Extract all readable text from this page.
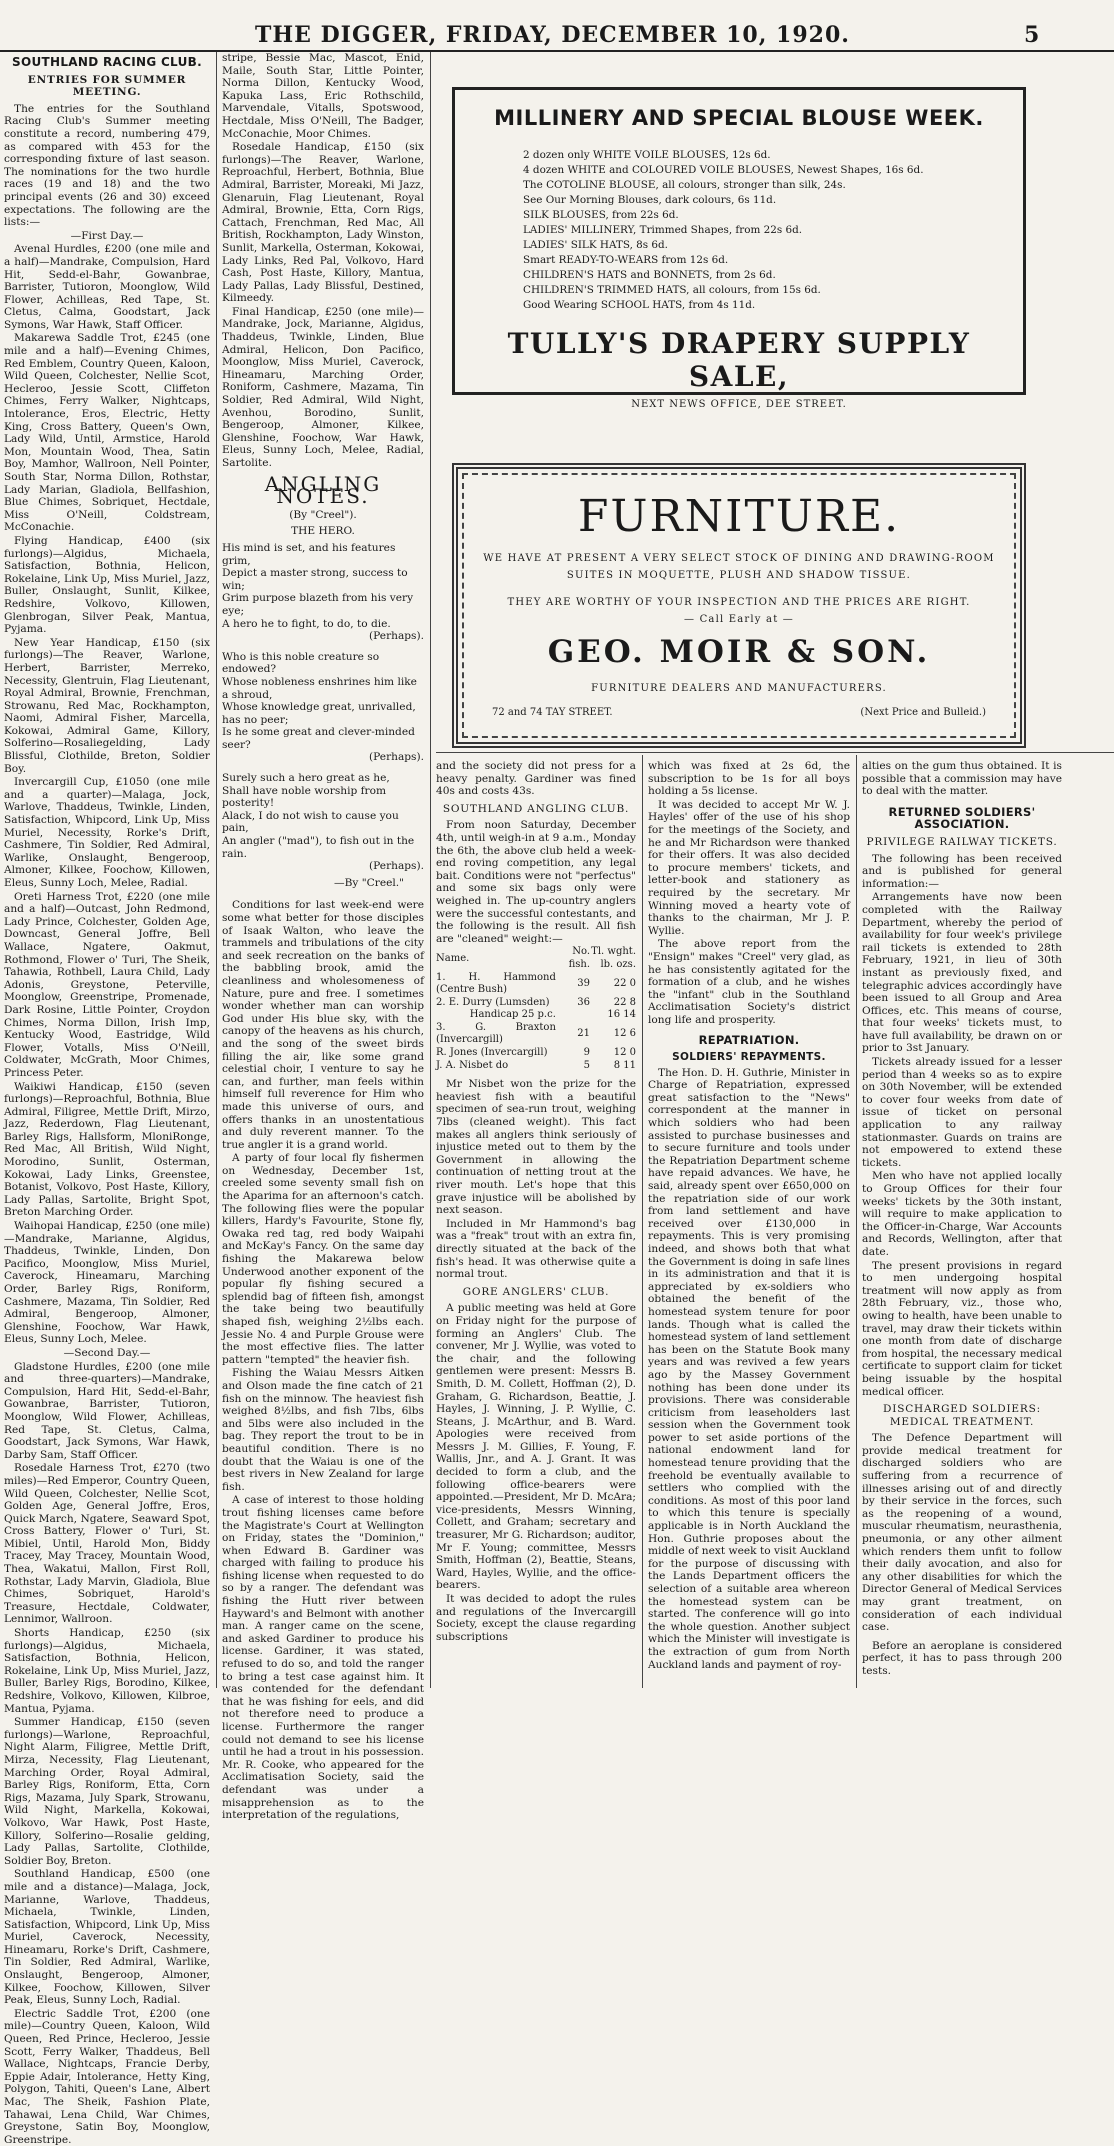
THE DIGGER, FRIDAY, DECEMBER 10, 1920.	5
SOUTHLAND RACING CLUB.
ENTRIES FOR SUMMER MEETING.

The entries for the Southland Racing Club's Summer meeting constitute a record, numbering 479, as compared with 453 for the corresponding fixture of last season. The nominations for the two hurdle races (19 and 18) and the two principal events (26 and 30) exceed expectations. The following are the lists:—

—First Day.—

Avenal Hurdles, £200 (one mile and a half)—Mandrake, Compulsion, Hard Hit, Sedd-el-Bahr, Gowanbrae, Barrister, Tutioron, Moonglow, Wild Flower, Achilleas, Red Tape, St. Cletus, Calma, Goodstart, Jack Symons, War Hawk, Staff Officer.

Makarewa Saddle Trot, £245 (one mile and a half)—Evening Chimes, Red Emblem, Country Queen, Kaloon, Wild Queen, Colchester, Nellie Scot, Hecleroo, Jessie Scott, Cliffeton Chimes, Ferry Walker, Nightcaps, Intolerance, Eros, Electric, Hetty King, Cross Battery, Queen's Own, Lady Wild, Until, Armstice, Harold Mon, Mountain Wood, Thea, Satin Boy, Mamhor, Wallroon, Nell Pointer, South Star, Norma Dillon, Rothstar, Lady Marian, Gladiola, Bellfashion, Blue Chimes, Sobriquet, Hectdale, Miss O'Neill, Coldstream, McConachie.

Flying Handicap, £400 (six furlongs)—Algidus, Michaela, Satisfaction, Bothnia, Helicon, Rokelaine, Link Up, Miss Muriel, Jazz, Buller, Onslaught, Sunlit, Kilkee, Redshire, Volkovo, Killowen, Glenbrogan, Silver Peak, Mantua, Pyjama.

New Year Handicap, £150 (six furlongs)—The Reaver, Warlone, Herbert, Barrister, Merreko, Necessity, Glentruin, Flag Lieutenant, Royal Admiral, Brownie, Frenchman, Strowanu, Red Mac, Rockhampton, Naomi, Admiral Fisher, Marcella, Kokowai, Admiral Game, Killory, Solferino—Rosaliegelding, Lady Blissful, Clothilde, Breton, Soldier Boy.

Invercargill Cup, £1050 (one mile and a quarter)—Malaga, Jock, Warlove, Thaddeus, Twinkle, Linden, Satisfaction, Whipcord, Link Up, Miss Muriel, Necessity, Rorke's Drift, Cashmere, Tin Soldier, Red Admiral, Warlike, Onslaught, Bengeroop, Almoner, Kilkee, Foochow, Killowen, Eleus, Sunny Loch, Melee, Radial.

Oreti Harness Trot, £220 (one mile and a half)—Outcast, John Redmond, Lady Prince, Colchester, Golden Age, Downcast, General Joffre, Bell Wallace, Ngatere, Oakmut, Rothmond, Flower o' Turi, The Sheik, Tahawia, Rothbell, Laura Child, Lady Adonis, Greystone, Peterville, Moonglow, Greenstripe, Promenade, Dark Rosine, Little Pointer, Croydon Chimes, Norma Dillon, Irish Imp, Kentucky Wood, Eastridge, Wild Flower, Votalls, Miss O'Neill, Coldwater, McGrath, Moor Chimes, Princess Peter.

Waikiwi Handicap, £150 (seven furlongs)—Reproachful, Bothnia, Blue Admiral, Filigree, Mettle Drift, Mirzo, Jazz, Rederdown, Flag Lieutenant, Barley Rigs, Hallsform, MloniRonge, Red Mac, All British, Wild Night, Morodino, Sunlit, Osterman, Kokowai, Lady Links, Greenstee, Botanist, Volkovo, Post Haste, Killory, Lady Pallas, Sartolite, Bright Spot, Breton Marching Order.

Waihopai Handicap, £250 (one mile)—Mandrake, Marianne, Algidus, Thaddeus, Twinkle, Linden, Don Pacifico, Moonglow, Miss Muriel, Caverock, Hineamaru, Marching Order, Barley Rigs, Roniform, Cashmere, Mazama, Tin Soldier, Red Admiral, Bengeroop, Almoner, Glenshine, Foochow, War Hawk, Eleus, Sunny Loch, Melee.

—Second Day.—

Gladstone Hurdles, £200 (one mile and three-quarters)—Mandrake, Compulsion, Hard Hit, Sedd-el-Bahr, Gowanbrae, Barrister, Tutioron, Moonglow, Wild Flower, Achilleas, Red Tape, St. Cletus, Calma, Goodstart, Jack Symons, War Hawk, Darby Sam, Staff Officer.

Rosedale Harness Trot, £270 (two miles)—Red Emperor, Country Queen, Wild Queen, Colchester, Nellie Scot, Golden Age, General Joffre, Eros, Quick March, Ngatere, Seaward Spot, Cross Battery, Flower o' Turi, St. Mibiel, Until, Harold Mon, Biddy Tracey, May Tracey, Mountain Wood, Thea, Wakatui, Mallon, First Roll, Rothstar, Lady Marvin, Gladiola, Blue Chimes, Sobriquet, Harold's Treasure, Hectdale, Coldwater, Lennimor, Wallroon.

Shorts Handicap, £250 (six furlongs)—Algidus, Michaela, Satisfaction, Bothnia, Helicon, Rokelaine, Link Up, Miss Muriel, Jazz, Buller, Barley Rigs, Borodino, Kilkee, Redshire, Volkovo, Killowen, Kilbroe, Mantua, Pyjama.

Summer Handicap, £150 (seven furlongs)—Warlone, Reproachful, Night Alarm, Filigree, Mettle Drift, Mirza, Necessity, Flag Lieutenant, Marching Order, Royal Admiral, Barley Rigs, Roniform, Etta, Corn Rigs, Mazama, July Spark, Strowanu, Wild Night, Markella, Kokowai, Volkovo, War Hawk, Post Haste, Killory, Solferino—Rosalie gelding, Lady Pallas, Sartolite, Clothilde, Soldier Boy, Breton.

Southland Handicap, £500 (one mile and a distance)—Malaga, Jock, Marianne, Warlove, Thaddeus, Michaela, Twinkle, Linden, Satisfaction, Whipcord, Link Up, Miss Muriel, Caverock, Necessity, Hineamaru, Rorke's Drift, Cashmere, Tin Soldier, Red Admiral, Warlike, Onslaught, Bengeroop, Almoner, Kilkee, Foochow, Killowen, Silver Peak, Eleus, Sunny Loch, Radial.

Electric Saddle Trot, £200 (one mile)—Country Queen, Kaloon, Wild Queen, Red Prince, Hecleroo, Jessie Scott, Ferry Walker, Thaddeus, Bell Wallace, Nightcaps, Francie Derby, Eppie Adair, Intolerance, Hetty King, Polygon, Tahiti, Queen's Lane, Albert Mac, The Sheik, Fashion Plate, Tahawai, Lena Child, War Chimes, Greystone, Satin Boy, Moonglow, Greenstripe.

stripe, Bessie Mac, Mascot, Enid, Maile, South Star, Little Pointer, Norma Dillon, Kentucky Wood, Kapuka Lass, Eric Rothschild, Marvendale, Vitalls, Spotswood, Hectdale, Miss O'Neill, The Badger, McConachie, Moor Chimes.

Rosedale Handicap, £150 (six furlongs)—The Reaver, Warlone, Reproachful, Herbert, Bothnia, Blue Admiral, Barrister, Moreaki, Mi Jazz, Glenaruin, Flag Lieutenant, Royal Admiral, Brownie, Etta, Corn Rigs, Cattach, Frenchman, Red Mac, All British, Rockhampton, Lady Winston, Sunlit, Markella, Osterman, Kokowai, Lady Links, Red Pal, Volkovo, Hard Cash, Post Haste, Killory, Mantua, Lady Pallas, Lady Blissful, Destined, Kilmeedy.

Final Handicap, £250 (one mile)—Mandrake, Jock, Marianne, Algidus, Thaddeus, Twinkle, Linden, Blue Admiral, Helicon, Don Pacifico, Moonglow, Miss Muriel, Caverock, Hineamaru, Marching Order, Roniform, Cashmere, Mazama, Tin Soldier, Red Admiral, Wild Night, Avenhou, Borodino, Sunlit, Bengeroop, Almoner, Kilkee, Glenshine, Foochow, War Hawk, Eleus, Sunny Loch, Melee, Radial, Sartolite.

ANGLING NOTES.

(By "Creel").

THE HERO.

His mind is set, and his features grim,
Depict a master strong, success to win;
Grim purpose blazeth from his very eye;
A hero he to fight, to do, to die.

(Perhaps).

Who is this noble creature so endowed?
Whose nobleness enshrines him like a shroud,
Whose knowledge great, unrivalled, has no peer;
Is he some great and clever-minded seer?

(Perhaps).

Surely such a hero great as he,
Shall have noble worship from posterity!
Alack, I do not wish to cause you pain,
An angler ("mad"), to fish out in the rain.

(Perhaps).

—By "Creel."

Conditions for last week-end were some what better for those disciples of Isaak Walton, who leave the trammels and tribulations of the city and seek recreation on the banks of the babbling brook, amid the cleanliness and wholesomeness of Nature, pure and free. I sometimes wonder whether man can worship God under His blue sky, with the canopy of the heavens as his church, and the song of the sweet birds filling the air, like some grand celestial choir, I venture to say he can, and further, man feels within himself full reverence for Him who made this universe of ours, and offers thanks in an unostentatious and duly reverent manner. To the true angler it is a grand world.

A party of four local fly fishermen on Wednesday, December 1st, creeled some seventy small fish on the Aparima for an afternoon's catch. The following flies were the popular killers, Hardy's Favourite, Stone fly, Owaka red tag, red body Waipahi and McKay's Fancy. On the same day fishing the Makarewa below Underwood another exponent of the popular fly fishing secured a splendid bag of fifteen fish, amongst the take being two beautifully shaped fish, weighing 2½lbs each. Jessie No. 4 and Purple Grouse were the most effective flies. The latter pattern "tempted" the heavier fish.

Fishing the Waiau Messrs Aitken and Olson made the fine catch of 21 fish on the minnow. The heaviest fish weighed 8½lbs, and fish 7lbs, 6lbs and 5lbs were also included in the bag. They report the trout to be in beautiful condition. There is no doubt that the Waiau is one of the best rivers in New Zealand for large fish.

A case of interest to those holding trout fishing licenses came before the Magistrate's Court at Wellington on Friday, states the "Dominion," when Edward B. Gardiner was charged with failing to produce his fishing license when requested to do so by a ranger. The defendant was fishing the Hutt river between Hayward's and Belmont with another man. A ranger came on the scene, and asked Gardiner to produce his license. Gardiner, it was stated, refused to do so, and told the ranger to bring a test case against him. It was contended for the defendant that he was fishing for eels, and did not therefore need to produce a license. Furthermore the ranger could not demand to see his license until he had a trout in his possession. Mr. R. Cooke, who appeared for the Acclimatisation Society, said the defendant was under a misapprehension as to the interpretation of the regulations,

MILLINERY AND SPECIAL BLOUSE WEEK.
2 dozen only WHITE VOILE BLOUSES, 12s 6d.
4 dozen WHITE and COLOURED VOILE BLOUSES, Newest Shapes, 16s 6d.
The COTOLINE BLOUSE, all colours, stronger than silk, 24s.
See Our Morning Blouses, dark colours, 6s 11d.
SILK BLOUSES, from 22s 6d.
LADIES' MILLINERY, Trimmed Shapes, from 22s 6d.
LADIES' SILK HATS, 8s 6d.
Smart READY-TO-WEARS from 12s 6d.
CHILDREN'S HATS and BONNETS, from 2s 6d.
CHILDREN'S TRIMMED HATS, all colours, from 15s 6d.
Good Wearing SCHOOL HATS, from 4s 11d.
TULLY'S DRAPERY SUPPLY SALE,
NEXT NEWS OFFICE, DEE STREET.
FURNITURE.
WE HAVE AT PRESENT A VERY SELECT STOCK OF DINING AND DRAWING-ROOM
SUITES IN MOQUETTE, PLUSH AND SHADOW TISSUE.
THEY ARE WORTHY OF YOUR INSPECTION AND THE PRICES ARE RIGHT.
— Call Early at —
GEO. MOIR & SON.
FURNITURE DEALERS AND MANUFACTURERS.
72 and 74 TAY STREET.	(Next Price and Bulleid.)

and the society did not press for a heavy penalty. Gardiner was fined 40s and costs 43s.

SOUTHLAND ANGLING CLUB.

From noon Saturday, December 4th, until weigh-in at 9 a.m., Monday the 6th, the above club held a week-end roving competition, any legal bait. Conditions were not "perfectus" and some six bags only were weighed in. The up-country anglers were the successful contestants, and the following is the result. All fish are "cleaned" weight:—

Name.	No. fish.	Tl. wght. lb. ozs.
1. H. Hammond (Centre Bush)	39	22 0
2. E. Durry (Lumsden)	36	22 8
Handicap 25 p.c.		16 14
3. G. Braxton (Invercargill)	21	12 6
R. Jones (Invercargill)	9	12 0
J. A. Nisbet do	5	8 11

Mr Nisbet won the prize for the heaviest fish with a beautiful specimen of sea-run trout, weighing 7lbs (cleaned weight). This fact makes all anglers think seriously of injustice meted out to them by the Government in allowing the continuation of netting trout at the river mouth. Let's hope that this grave injustice will be abolished by next season.

Included in Mr Hammond's bag was a "freak" trout with an extra fin, directly situated at the back of the fish's head. It was otherwise quite a normal trout.

GORE ANGLERS' CLUB.

A public meeting was held at Gore on Friday night for the purpose of forming an Anglers' Club. The convener, Mr J. Wyllie, was voted to the chair, and the following gentlemen were present: Messrs B. Smith, D. M. Collett, Hoffman (2), D. Graham, G. Richardson, Beattie, J. Hayles, J. Winning, J. P. Wyllie, C. Steans, J. McArthur, and B. Ward. Apologies were received from Messrs J. M. Gillies, F. Young, F. Wallis, Jnr., and A. J. Grant. It was decided to form a club, and the following office-bearers were appointed.—President, Mr D. McAra; vice-presidents, Messrs Winning, Collett, and Graham; secretary and treasurer, Mr G. Richardson; auditor, Mr F. Young; committee, Messrs Smith, Hoffman (2), Beattie, Steans, Ward, Hayles, Wyllie, and the office-bearers.

It was decided to adopt the rules and regulations of the Invercargill Society, except the clause regarding subscriptions

which was fixed at 2s 6d, the subscription to be 1s for all boys holding a 5s license.

It was decided to accept Mr W. J. Hayles' offer of the use of his shop for the meetings of the Society, and he and Mr Richardson were thanked for their offers. It was also decided to procure members' tickets, and letter-book and stationery as required by the secretary. Mr Winning moved a hearty vote of thanks to the chairman, Mr J. P. Wyllie.

The above report from the "Ensign" makes "Creel" very glad, as he has consistently agitated for the formation of a club, and he wishes the "infant" club in the Southland Acclimatisation Society's district long life and prosperity.

REPATRIATION.
SOLDIERS' REPAYMENTS.

The Hon. D. H. Guthrie, Minister in Charge of Repatriation, expressed great satisfaction to the "News" correspondent at the manner in which soldiers who had been assisted to purchase businesses and to secure furniture and tools under the Repatriation Department scheme have repaid advances. We have, he said, already spent over £650,000 on the repatriation side of our work from land settlement and have received over £130,000 in repayments. This is very promising indeed, and shows both that what the Government is doing in safe lines in its administration and that it is appreciated by ex-soldiers who obtained the benefit of the homestead system tenure for poor lands. Though what is called the homestead system of land settlement has been on the Statute Book many years and was revived a few years ago by the Massey Government nothing has been done under its provisions. There was considerable criticism from leaseholders last session when the Government took power to set aside portions of the national endowment land for homestead tenure providing that the freehold be eventually available to settlers who complied with the conditions. As most of this poor land to which this tenure is specially applicable is in North Auckland the Hon. Guthrie proposes about the middle of next week to visit Auckland for the purpose of discussing with the Lands Department officers the selection of a suitable area whereon the homestead system can be started. The conference will go into the whole question. Another subject which the Minister will investigate is the extraction of gum from North Auckland lands and payment of roy-

alties on the gum thus obtained. It is possible that a commission may have to deal with the matter.

RETURNED SOLDIERS' ASSOCIATION.
PRIVILEGE RAILWAY TICKETS.

The following has been received and is published for general information:—

Arrangements have now been completed with the Railway Department, whereby the period of availability for four week's privilege rail tickets is extended to 28th February, 1921, in lieu of 30th instant as previously fixed, and telegraphic advices accordingly have been issued to all Group and Area Offices, etc. This means of course, that four weeks' tickets must, to have full availability, be drawn on or prior to 3st January.

Tickets already issued for a lesser period than 4 weeks so as to expire on 30th November, will be extended to cover four weeks from date of issue of ticket on personal application to any railway stationmaster. Guards on trains are not empowered to extend these tickets.

Men who have not applied locally to Group Offices for their four weeks' tickets by the 30th instant, will require to make application to the Officer-in-Charge, War Accounts and Records, Wellington, after that date.

The present provisions in regard to men undergoing hospital treatment will now apply as from 28th February, viz., those who, owing to health, have been unable to travel, may draw their tickets within one month from date of discharge from hospital, the necessary medical certificate to support claim for ticket being issuable by the hospital medical officer.

DISCHARGED SOLDIERS: MEDICAL TREATMENT.

The Defence Department will provide medical treatment for discharged soldiers who are suffering from a recurrence of illnesses arising out of and directly by their service in the forces, such as the reopening of a wound, muscular rheumatism, neurasthenia, pneumonia, or any other ailment which renders them unfit to follow their daily avocation, and also for any other disabilities for which the Director General of Medical Services may grant treatment, on consideration of each individual case.

Before an aeroplane is considered perfect, it has to pass through 200 tests.
